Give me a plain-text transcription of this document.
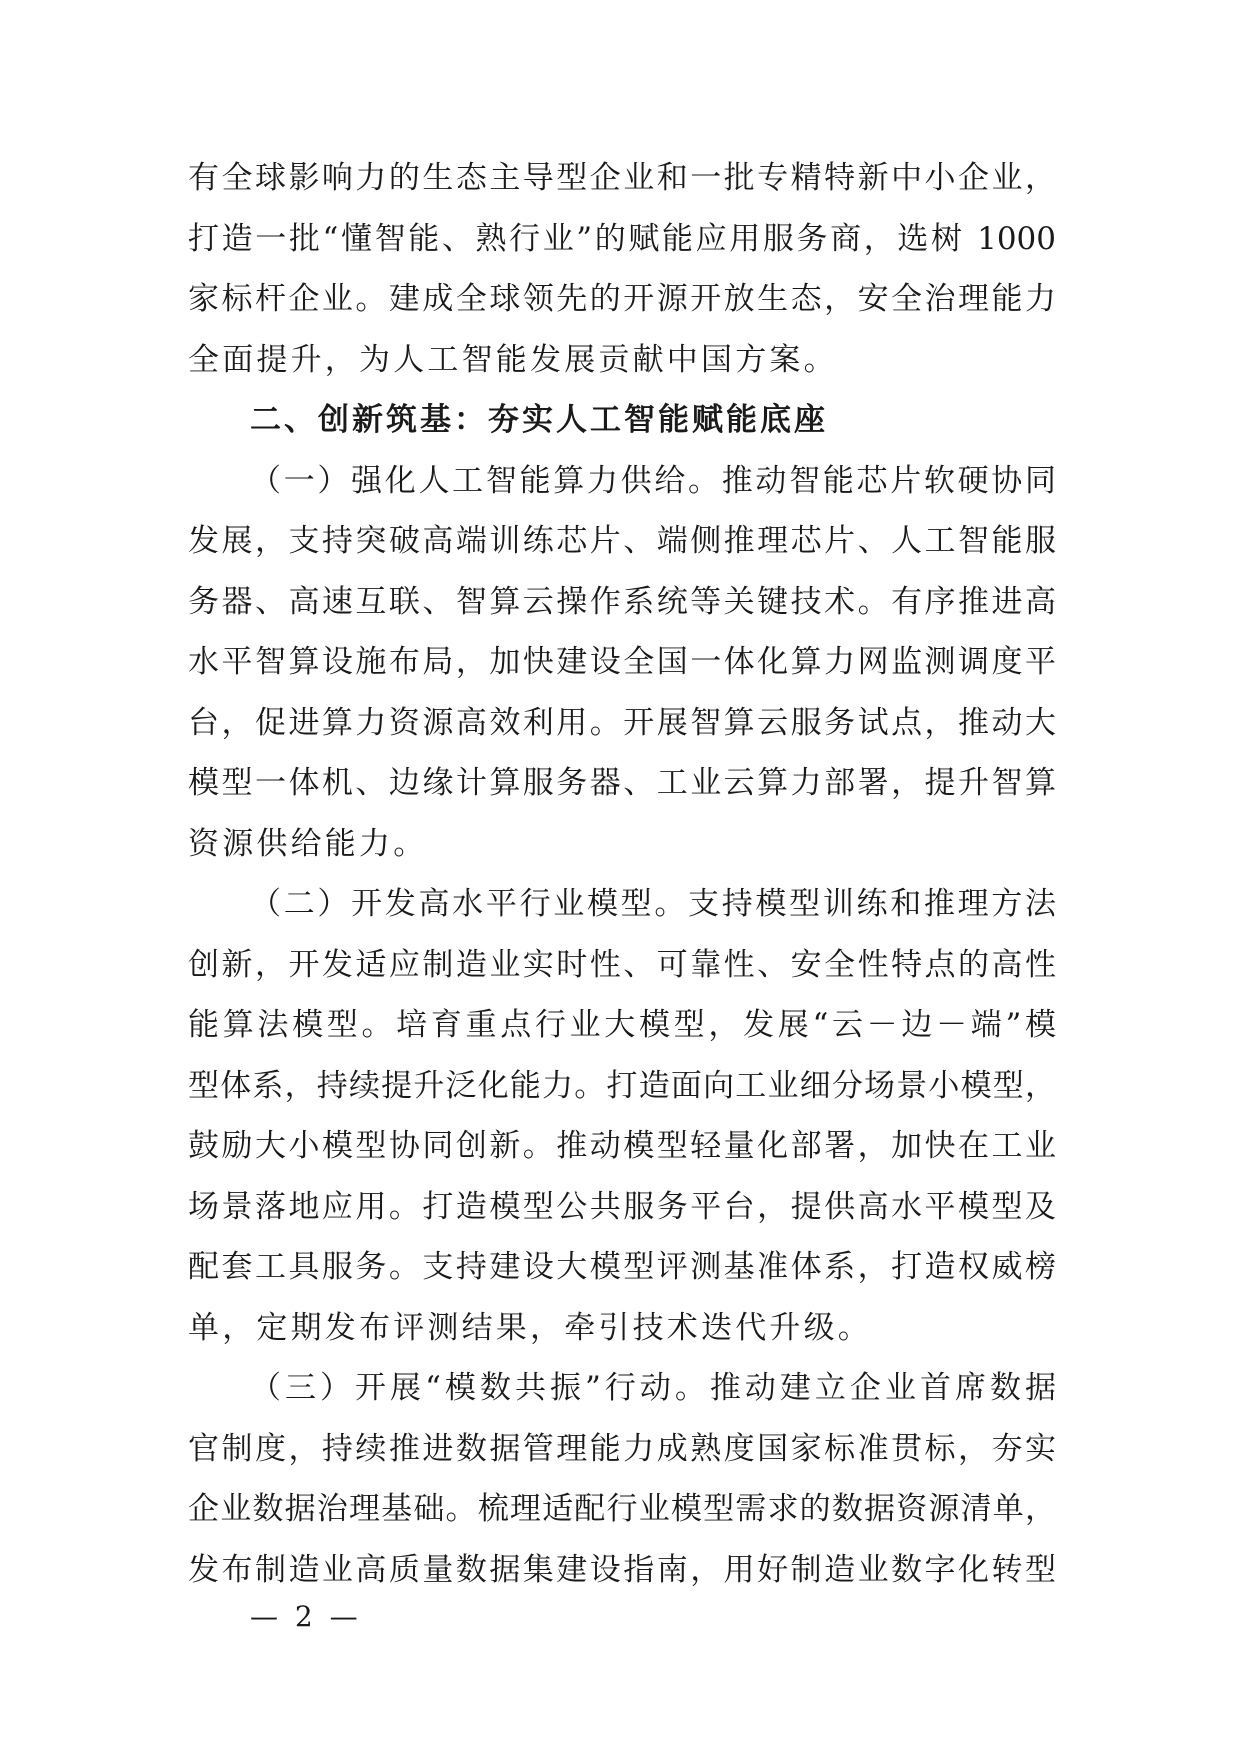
有全球影响力的生态主导型企业和一批专精特新中小企业，
打造一批“懂智能、熟行业”的赋能应用服务商，选树 1000
家标杆企业。建成全球领先的开源开放生态，安全治理能力
全面提升，为人工智能发展贡献中国方案。
二、创新筑基：夯实人工智能赋能底座
（一）强化人工智能算力供给。推动智能芯片软硬协同
发展，支持突破高端训练芯片、端侧推理芯片、人工智能服
务器、高速互联、智算云操作系统等关键技术。有序推进高
水平智算设施布局，加快建设全国一体化算力网监测调度平
台，促进算力资源高效利用。开展智算云服务试点，推动大
模型一体机、边缘计算服务器、工业云算力部署，提升智算
资源供给能力。
（二）开发高水平行业模型。支持模型训练和推理方法
创新，开发适应制造业实时性、可靠性、安全性特点的高性
能算法模型。培育重点行业大模型，发展“云－边－端”模
型体系，持续提升泛化能力。打造面向工业细分场景小模型，
鼓励大小模型协同创新。推动模型轻量化部署，加快在工业
场景落地应用。打造模型公共服务平台，提供高水平模型及
配套工具服务。支持建设大模型评测基准体系，打造权威榜
单，定期发布评测结果，牵引技术迭代升级。
（三）开展“模数共振”行动。推动建立企业首席数据
官制度，持续推进数据管理能力成熟度国家标准贯标，夯实
企业数据治理基础。梳理适配行业模型需求的数据资源清单，
发布制造业高质量数据集建设指南，用好制造业数字化转型
— 2 —
